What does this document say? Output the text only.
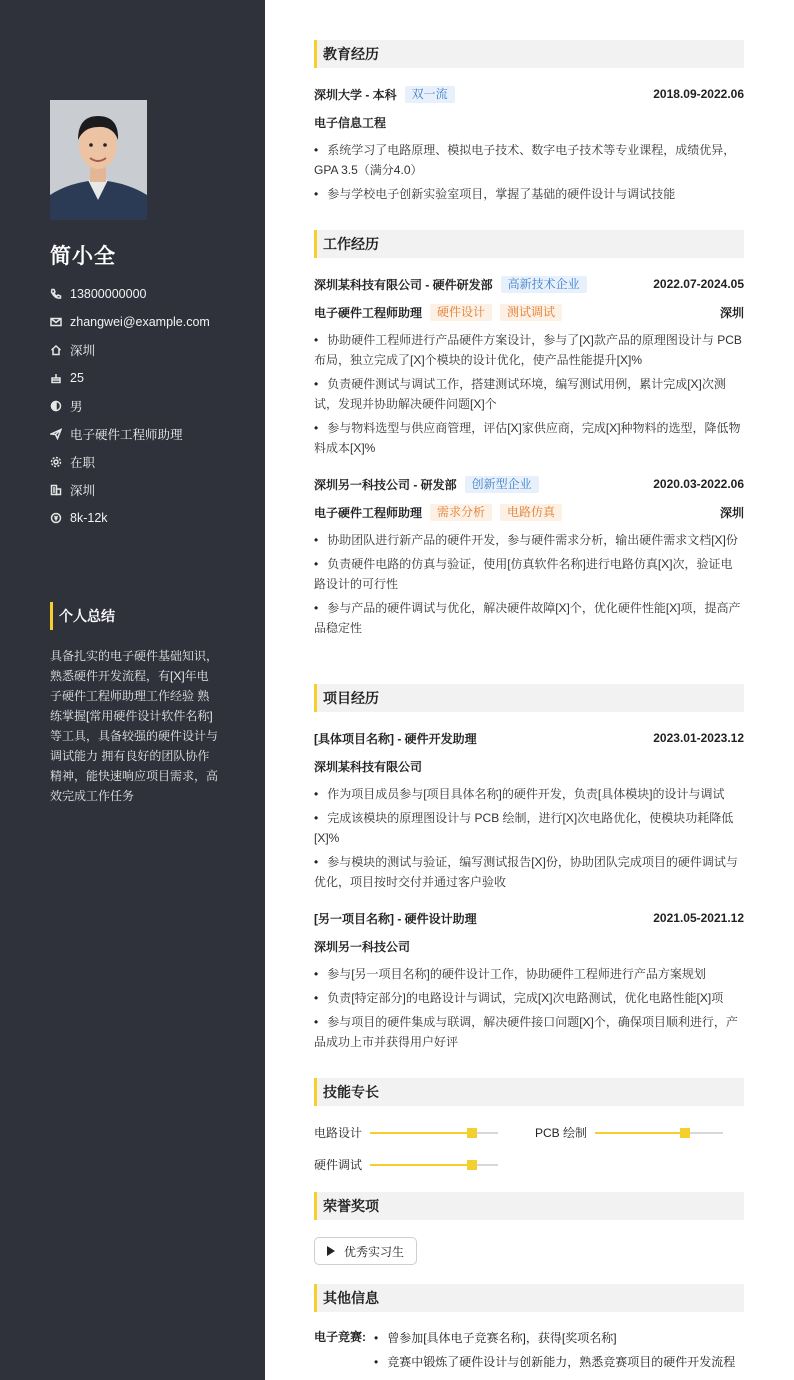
简小全
13800000000
zhangwei@example.com
深圳
25
男
电子硬件工程师助理
在职
深圳
8k-12k
个人总结
具备扎实的电子硬件基础知识，熟悉硬件开发流程，有[X]年电子硬件工程师助理工作经验 熟练掌握[常用硬件设计软件名称]等工具，具备较强的硬件设计与调试能力 拥有良好的团队协作精神，能快速响应项目需求，高效完成工作任务
教育经历
深圳大学 - 本科	双一流	2018.09-2022.06
电子信息工程
• 系统学习了电路原理、模拟电子技术、数字电子技术等专业课程，成绩优异，GPA 3.5（满分4.0）
• 参与学校电子创新实验室项目，掌握了基础的硬件设计与调试技能
工作经历
深圳某科技有限公司 - 硬件研发部	高新技术企业	2022.07-2024.05
电子硬件工程师助理	硬件设计	测试调试	深圳
• 协助硬件工程师进行产品硬件方案设计，参与了[X]款产品的原理图设计与 PCB 布局，独立完成了[X]个模块的设计优化，使产品性能提升[X]%
• 负责硬件测试与调试工作，搭建测试环境，编写测试用例，累计完成[X]次测试，发现并协助解决硬件问题[X]个
• 参与物料选型与供应商管理，评估[X]家供应商，完成[X]种物料的选型，降低物料成本[X]%
深圳另一科技公司 - 研发部	创新型企业	2020.03-2022.06
电子硬件工程师助理	需求分析	电路仿真	深圳
• 协助团队进行新产品的硬件开发，参与硬件需求分析，输出硬件需求文档[X]份
• 负责硬件电路的仿真与验证，使用[仿真软件名称]进行电路仿真[X]次，验证电路设计的可行性
• 参与产品的硬件调试与优化，解决硬件故障[X]个，优化硬件性能[X]项，提高产品稳定性
项目经历
[具体项目名称] - 硬件开发助理	2023.01-2023.12
深圳某科技有限公司
• 作为项目成员参与[项目具体名称]的硬件开发，负责[具体模块]的设计与调试
• 完成该模块的原理图设计与 PCB 绘制，进行[X]次电路优化，使模块功耗降低[X]%
• 参与模块的测试与验证，编写测试报告[X]份，协助团队完成项目的硬件调试与优化，项目按时交付并通过客户验收
[另一项目名称] - 硬件设计助理	2021.05-2021.12
深圳另一科技公司
• 参与[另一项目名称]的硬件设计工作，协助硬件工程师进行产品方案规划
• 负责[特定部分]的电路设计与调试，完成[X]次电路测试，优化电路性能[X]项
• 参与项目的硬件集成与联调，解决硬件接口问题[X]个，确保项目顺利进行，产品成功上市并获得用户好评
技能专长
电路设计	PCB 绘制
硬件调试
荣誉奖项
优秀实习生
其他信息
电子竞赛:
•	曾参加[具体电子竞赛名称]，获得[奖项名称]
• 竞赛中锻炼了硬件设计与创新能力，熟悉竞赛项目的硬件开发流程
